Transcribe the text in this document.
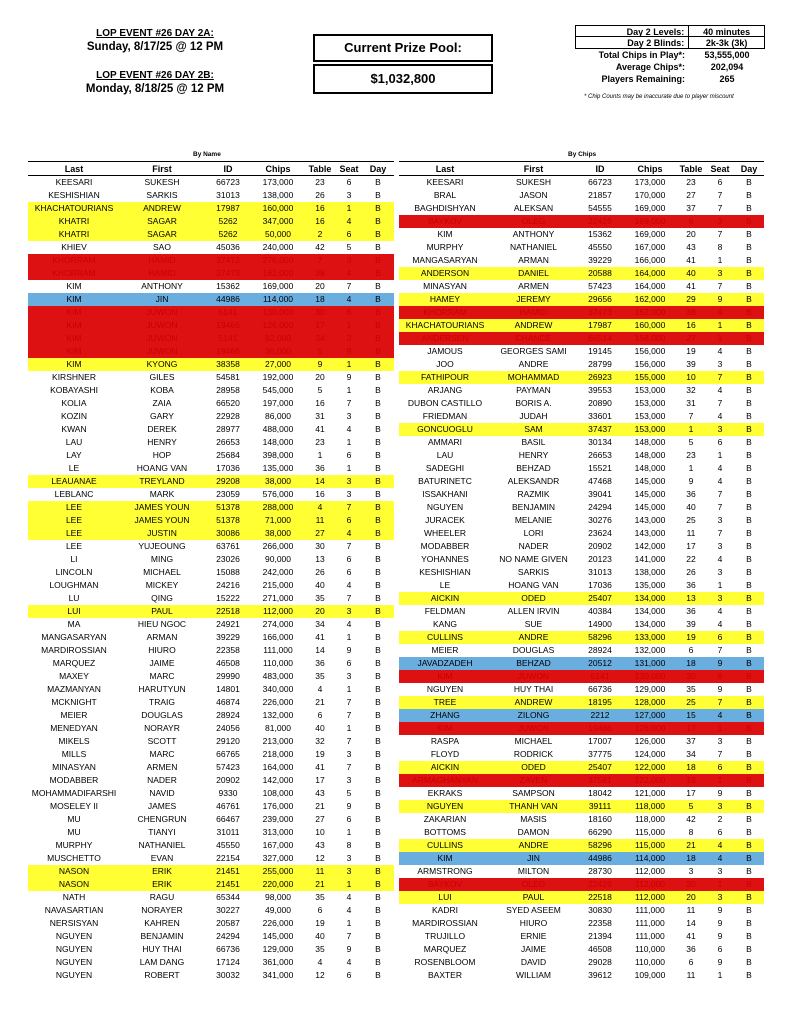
LOP EVENT #26 DAY 2A:
Sunday, 8/17/25 @ 12 PM
LOP EVENT #26 DAY 2B:
Monday, 8/18/25 @ 12 PM
Current Prize Pool:
$1,032,800
Day 2 Levels:	40 minutes
Day 2 Blinds:	2k-3k (3k)
Total Chips in Play*:	53,555,000
Average Chips*:	202,094
Players Remaining:	265
* Chip Counts may be inaccurate due to player miscount
By Name	By Chips
Last	First	ID	Chips	Table	Seat	Day
KEESARI	SUKESH	66723	173,000	23	6	B
KESHISHIAN	SARKIS	31013	138,000	26	3	B
KHACHATOURIANS	ANDREW	17987	160,000	16	1	B
KHATRI	SAGAR	5262	347,000	16	4	B
KHATRI	SAGAR	5262	50,000	2	6	B
KHIEV	SAO	45036	240,000	42	5	B
KHORRAM	HAMID	37473	276,000	7	3	B
KHORRAM	HAMID	37473	162,000	38	4	B
KIM	ANTHONY	15362	169,000	20	7	B
KIM	JIN	44986	114,000	18	4	B
KIM	JUWON	5141	130,000	30	6	B
KIM	JUWON	19466	126,000	17	1	B
KIM	JUWON	5141	82,000	34	3	B
KIM	JUWON	19466	36,000	5	9	B
KIM	KYONG	38358	27,000	9	1	B
KIRSHNER	GILES	54581	192,000	20	9	B
KOBAYASHI	KOBA	28958	545,000	5	1	B
KOLIA	ZAIA	66520	197,000	16	7	B
KOZIN	GARY	22928	86,000	31	3	B
KWAN	DEREK	28977	488,000	41	4	B
LAU	HENRY	26653	148,000	23	1	B
LAY	HOP	25684	398,000	1	6	B
LE	HOANG VAN	17036	135,000	36	1	B
LEAUANAE	TREYLAND	29208	38,000	14	3	B
LEBLANC	MARK	23059	576,000	16	3	B
LEE	JAMES YOUN	51378	288,000	4	7	B
LEE	JAMES YOUN	51378	71,000	11	6	B
LEE	JUSTIN	30086	38,000	27	4	B
LEE	YUJEOUNG	63761	266,000	30	7	B
LI	MING	23026	90,000	13	6	B
LINCOLN	MICHAEL	15088	242,000	26	6	B
LOUGHMAN	MICKEY	24216	215,000	40	4	B
LU	QING	15222	271,000	35	7	B
LUI	PAUL	22518	112,000	20	3	B
MA	HIEU NGOC	24921	274,000	34	4	B
MANGASARYAN	ARMAN	39229	166,000	41	1	B
MARDIROSSIAN	HIURO	22358	111,000	14	9	B
MARQUEZ	JAIME	46508	110,000	36	6	B
MAXEY	MARC	29990	483,000	35	3	B
MAZMANYAN	HARUTYUN	14801	340,000	4	1	B
MCKNIGHT	TRAIG	46874	226,000	21	7	B
MEIER	DOUGLAS	28924	132,000	6	7	B
MENEDYAN	NORAYR	24056	81,000	40	1	B
MIKELS	SCOTT	29120	213,000	32	7	B
MILLS	MARC	66765	218,000	19	3	B
MINASYAN	ARMEN	57423	164,000	41	7	B
MODABBER	NADER	20902	142,000	17	3	B
MOHAMMADIFARSHI	NAVID	9330	108,000	43	5	B
MOSELEY II	JAMES	46761	176,000	21	9	B
MU	CHENGRUN	66467	239,000	27	6	B
MU	TIANYI	31011	313,000	10	1	B
MURPHY	NATHANIEL	45550	167,000	43	8	B
MUSCHETTO	EVAN	22154	327,000	12	3	B
NASON	ERIK	21451	255,000	11	3	B
NASON	ERIK	21451	220,000	21	1	B
NATH	RAGU	65344	98,000	35	4	B
NAVASARTIAN	NORAYER	30227	49,000	6	4	B
NERSISYAN	KAHREN	20587	226,000	19	1	B
NGUYEN	BENJAMIN	24294	145,000	40	7	B
NGUYEN	HUY THAI	66736	129,000	35	9	B
NGUYEN	LAM DANG	17124	361,000	4	4	B
NGUYEN	ROBERT	30032	341,000	12	6	B
Last	First	ID	Chips	Table	Seat	Day
KEESARI	SUKESH	66723	173,000	23	6	B
BRAL	JASON	21857	170,000	27	7	B
BAGHDISHYAN	ALEKSAN	54555	169,000	37	7	B
BAYKOV	OLEG	22429	169,000	6	3	B
KIM	ANTHONY	15362	169,000	20	7	B
MURPHY	NATHANIEL	45550	167,000	43	8	B
MANGASARYAN	ARMAN	39229	166,000	41	1	B
ANDERSON	DANIEL	20588	164,000	40	3	B
MINASYAN	ARMEN	57423	164,000	41	7	B
HAMEY	JEREMY	29656	162,000	29	9	B
KHORRAM	HAMID	37473	162,000	38	4	B
KHACHATOURIANS	ANDREW	17987	160,000	16	1	B
ANDERSEN	CHANCE	66514	158,000	27	1	B
JAMOUS	GEORGES SAMI	19145	156,000	19	4	B
JOO	ANDRE	28799	156,000	39	3	B
FATHIPOUR	MOHAMMAD	26923	155,000	10	7	B
ARJANG	PAYMAN	39553	153,000	32	4	B
DUBON CASTILLO	BORIS A.	20890	153,000	31	7	B
FRIEDMAN	JUDAH	33601	153,000	7	4	B
GONCUOGLU	SAM	37437	153,000	1	3	B
AMMARI	BASIL	30134	148,000	5	6	B
LAU	HENRY	26653	148,000	23	1	B
SADEGHI	BEHZAD	15521	148,000	1	4	B
BATURINETC	ALEKSANDR	47468	145,000	9	4	B
ISSAKHANI	RAZMIK	39041	145,000	36	7	B
NGUYEN	BENJAMIN	24294	145,000	40	7	B
JURACEK	MELANIE	30276	143,000	25	3	B
WHEELER	LORI	23624	143,000	11	7	B
MODABBER	NADER	20902	142,000	17	3	B
YOHANNES	NO NAME GIVEN	20123	141,000	22	4	B
KESHISHIAN	SARKIS	31013	138,000	26	3	B
LE	HOANG VAN	17036	135,000	36	1	B
AICKIN	ODED	25407	134,000	13	3	B
FELDMAN	ALLEN IRVIN	40384	134,000	36	4	B
KANG	SUE	14900	134,000	39	4	B
CULLINS	ANDRE	58296	133,000	19	6	B
MEIER	DOUGLAS	28924	132,000	6	7	B
JAVADZADEH	BEHZAD	20512	131,000	18	9	B
KIM	JUWON	5141	130,000	30	6	B
NGUYEN	HUY THAI	66736	129,000	35	9	B
TREE	ANDREW	18195	128,000	25	7	B
ZHANG	ZILONG	2212	127,000	15	4	B
KIM	JUWON	19466	126,000	17	1	B
RASPA	MICHAEL	17007	126,000	37	3	B
FLOYD	RODRICK	37775	124,000	34	7	B
AICKIN	ODED	25407	122,000	18	6	B
ARMAGHANYAN	ZAVEN	37581	122,000	18	1	B
EKRAKS	SAMPSON	18042	121,000	17	9	B
NGUYEN	THANH VAN	39111	118,000	5	3	B
ZAKARIAN	MASIS	18160	118,000	42	2	B
BOTTOMS	DAMON	66290	115,000	8	6	B
CULLINS	ANDRE	58296	115,000	21	4	B
KIM	JIN	44986	114,000	18	4	B
ARMSTRONG	MILTON	28730	112,000	3	3	B
BAYKOV	OLEG	22429	112,000	20	1	B
LUI	PAUL	22518	112,000	20	3	B
KADRI	SYED ASEEM	30830	111,000	11	9	B
MARDIROSSIAN	HIURO	22358	111,000	14	9	B
TRUJILLO	ERNIE	21394	111,000	41	9	B
MARQUEZ	JAIME	46508	110,000	36	6	B
ROSENBLOOM	DAVID	29028	110,000	6	9	B
BAXTER	WILLIAM	39612	109,000	11	1	B
